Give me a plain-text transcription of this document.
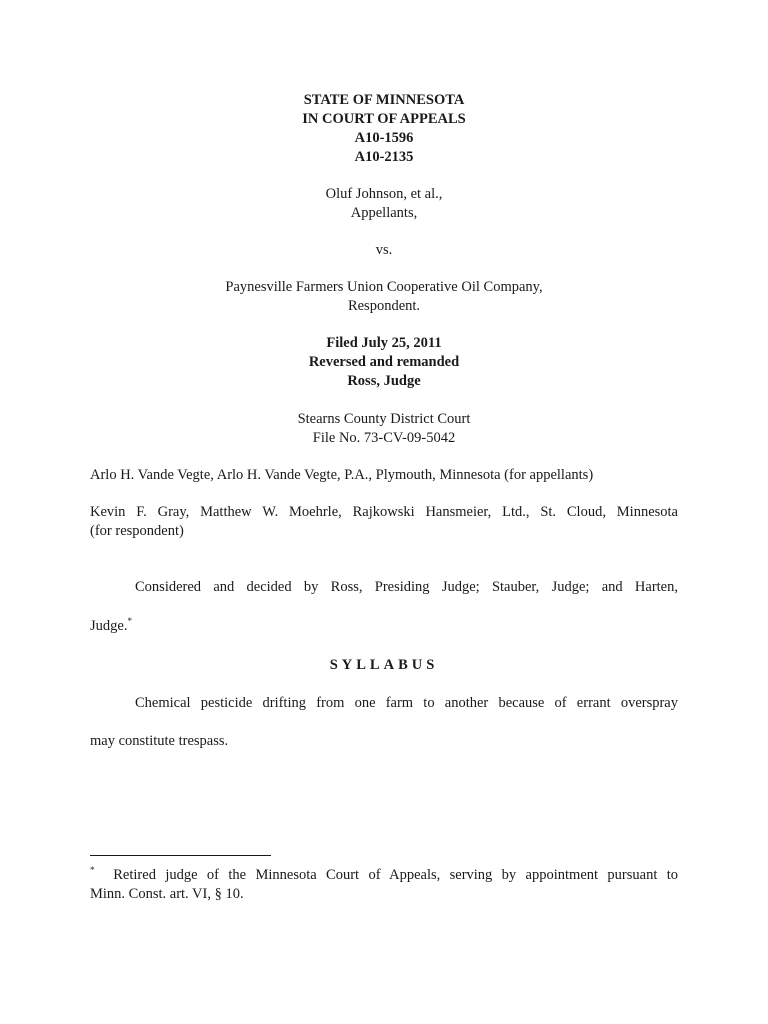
STATE OF MINNESOTA
IN COURT OF APPEALS
A10-1596
A10-2135
Oluf Johnson, et al.,
Appellants,
vs.
Paynesville Farmers Union Cooperative Oil Company,
Respondent.
Filed July 25, 2011
Reversed and remanded
Ross, Judge
Stearns County District Court
File No. 73-CV-09-5042
Arlo H. Vande Vegte, Arlo H. Vande Vegte, P.A., Plymouth, Minnesota (for appellants)
Kevin F. Gray, Matthew W. Moehrle, Rajkowski Hansmeier, Ltd., St. Cloud, Minnesota
(for respondent)
Considered and decided by Ross, Presiding Judge; Stauber, Judge; and Harten,
Judge.*
SYLLABUS
Chemical pesticide drifting from one farm to another because of errant overspray
may constitute trespass.
* Retired judge of the Minnesota Court of Appeals, serving by appointment pursuant to
Minn. Const. art. VI, § 10.
